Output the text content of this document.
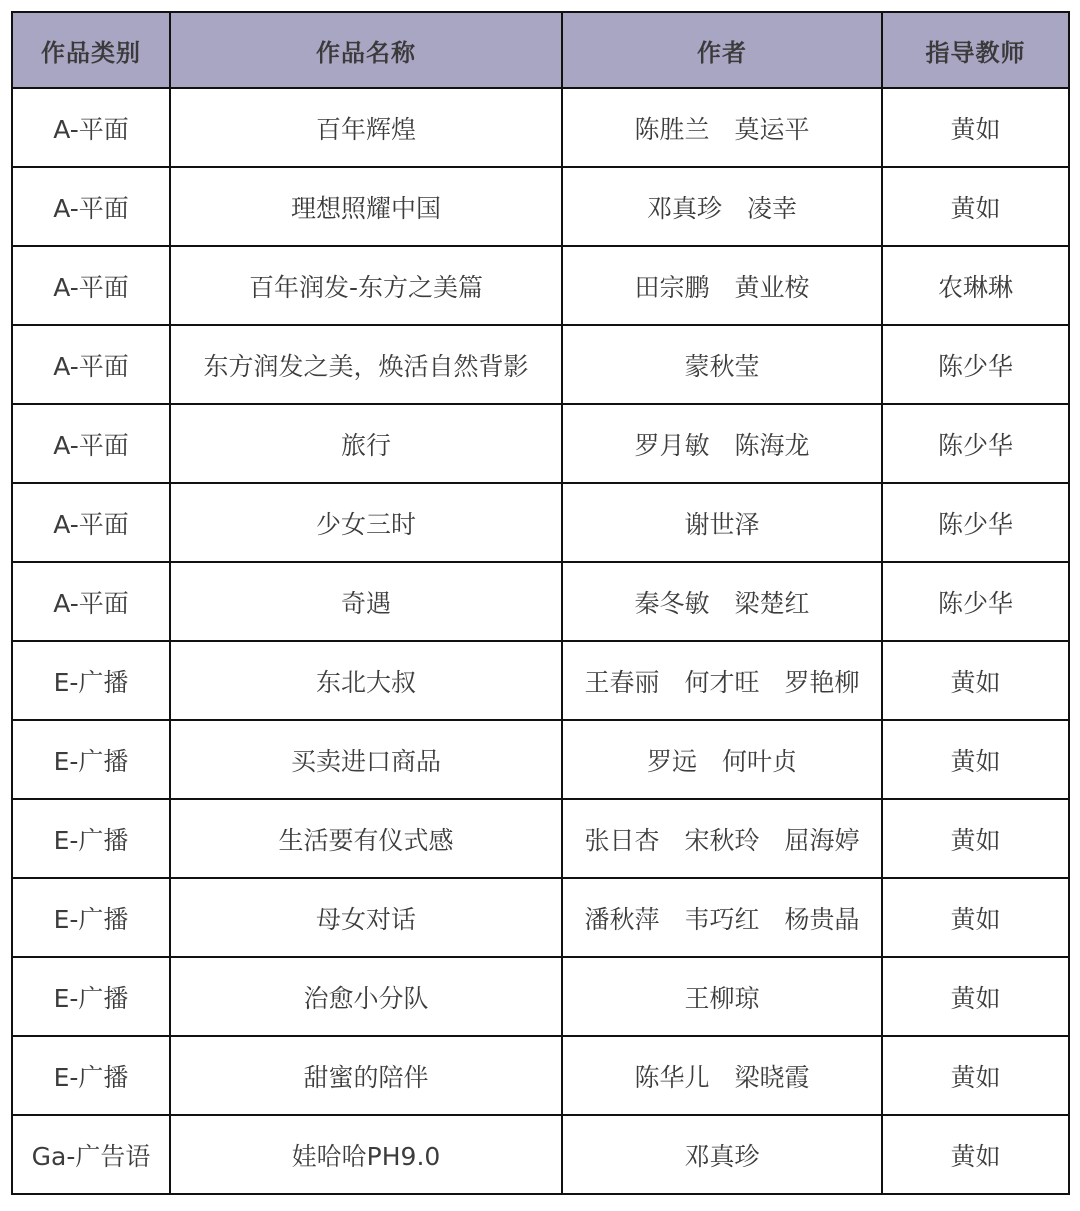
作品类别	作品名称	作者	指导教师
A-平面	百年辉煌	陈胜兰　莫运平	黄如
A-平面	理想照耀中国	邓真珍　凌幸	黄如
A-平面	百年润发-东方之美篇	田宗鹏　黄业桉	农琳琳
A-平面	东方润发之美，焕活自然背影	蒙秋莹	陈少华
A-平面	旅行	罗月敏　陈海龙	陈少华
A-平面	少女三时	谢世泽	陈少华
A-平面	奇遇	秦冬敏　梁楚红	陈少华
E-广播	东北大叔	王春丽　何才旺　罗艳柳	黄如
E-广播	买卖进口商品	罗远　何叶贞	黄如
E-广播	生活要有仪式感	张日杏　宋秋玲　屈海婷	黄如
E-广播	母女对话	潘秋萍　韦巧红　杨贵晶	黄如
E-广播	治愈小分队	王柳琼	黄如
E-广播	甜蜜的陪伴	陈华儿　梁晓霞	黄如
Ga-广告语	娃哈哈PH9.0	邓真珍	黄如
